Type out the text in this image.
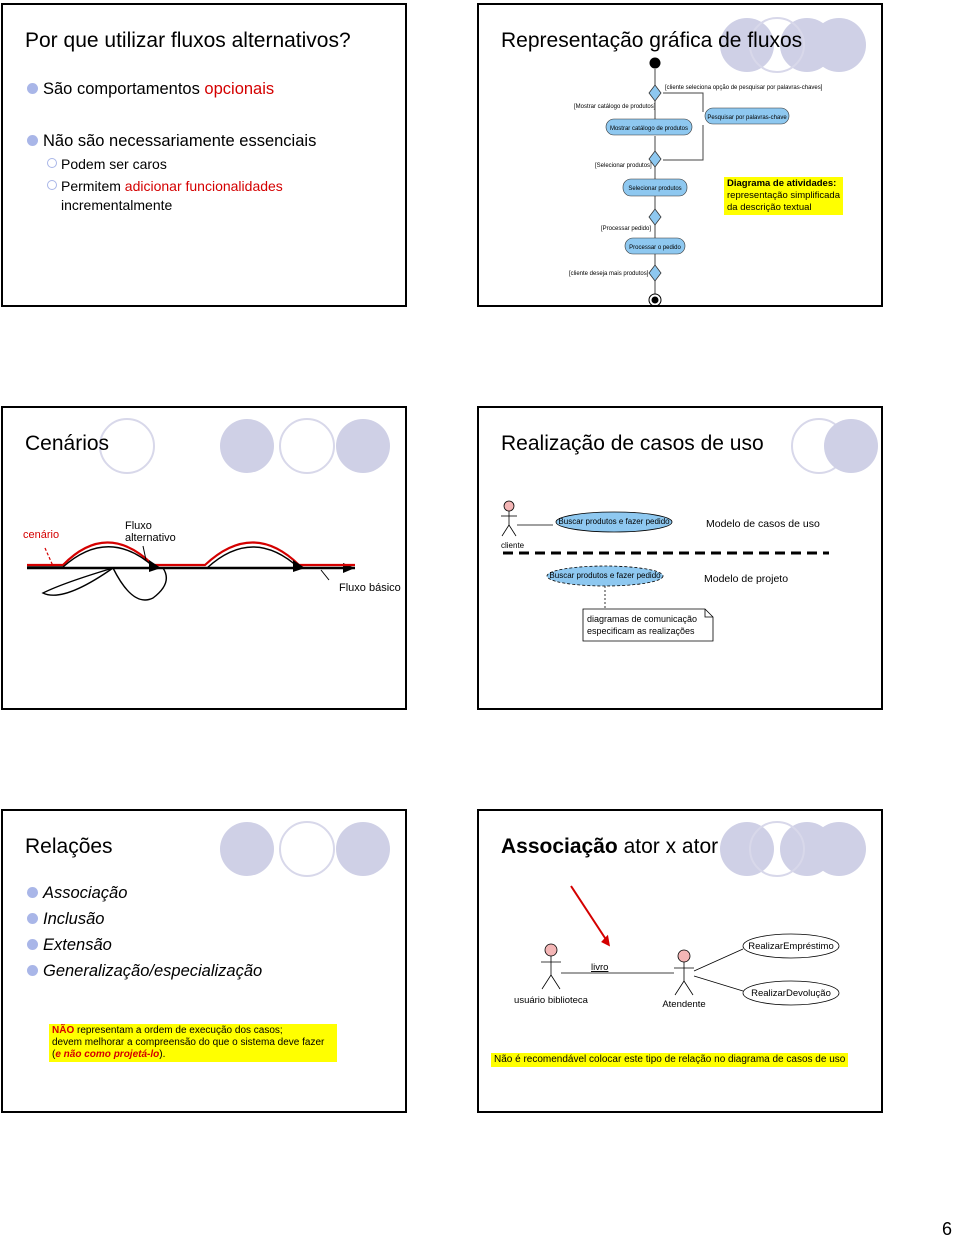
Por que utilizar fluxos alternativos?
São comportamentos opcionais
Não são necessariamente essenciais
Podem ser caros
Permitem adicionar funcionalidades
incrementalmente
Representação gráfica de fluxos
[cliente seleciona opção de pesquisar por palavras-chaves]
[Mostrar catálogo de produtos]
Mostrar catálogo de produtos
Pesquisar por palavras-chave
[Selecionar produtos]
Selecionar produtos
[Processar pedido]
Processar o pedido
[cliente deseja mais produtos]
Diagrama de atividades:
representação simplificada
da descrição textual
Cenários
cenário
Fluxo
alternativo
Fluxo básico
Realização de casos de uso
cliente
Buscar produtos e fazer pedido
Buscar produtos e fazer pedido
diagramas de comunicação
especificam as realizações
Modelo de casos de uso
Modelo de projeto
Relações
Associação
Inclusão
Extensão
Generalização/especialização
NÃO representam a ordem de execução dos casos;
devem melhorar a compreensão do que o sistema deve fazer
(e não como projetá-lo).
Associação ator x ator
usuário biblioteca	Atendente
livro
RealizarEmpréstimo
RealizarDevolução
Não é recomendável colocar este tipo de relação no diagrama de casos de uso
6
